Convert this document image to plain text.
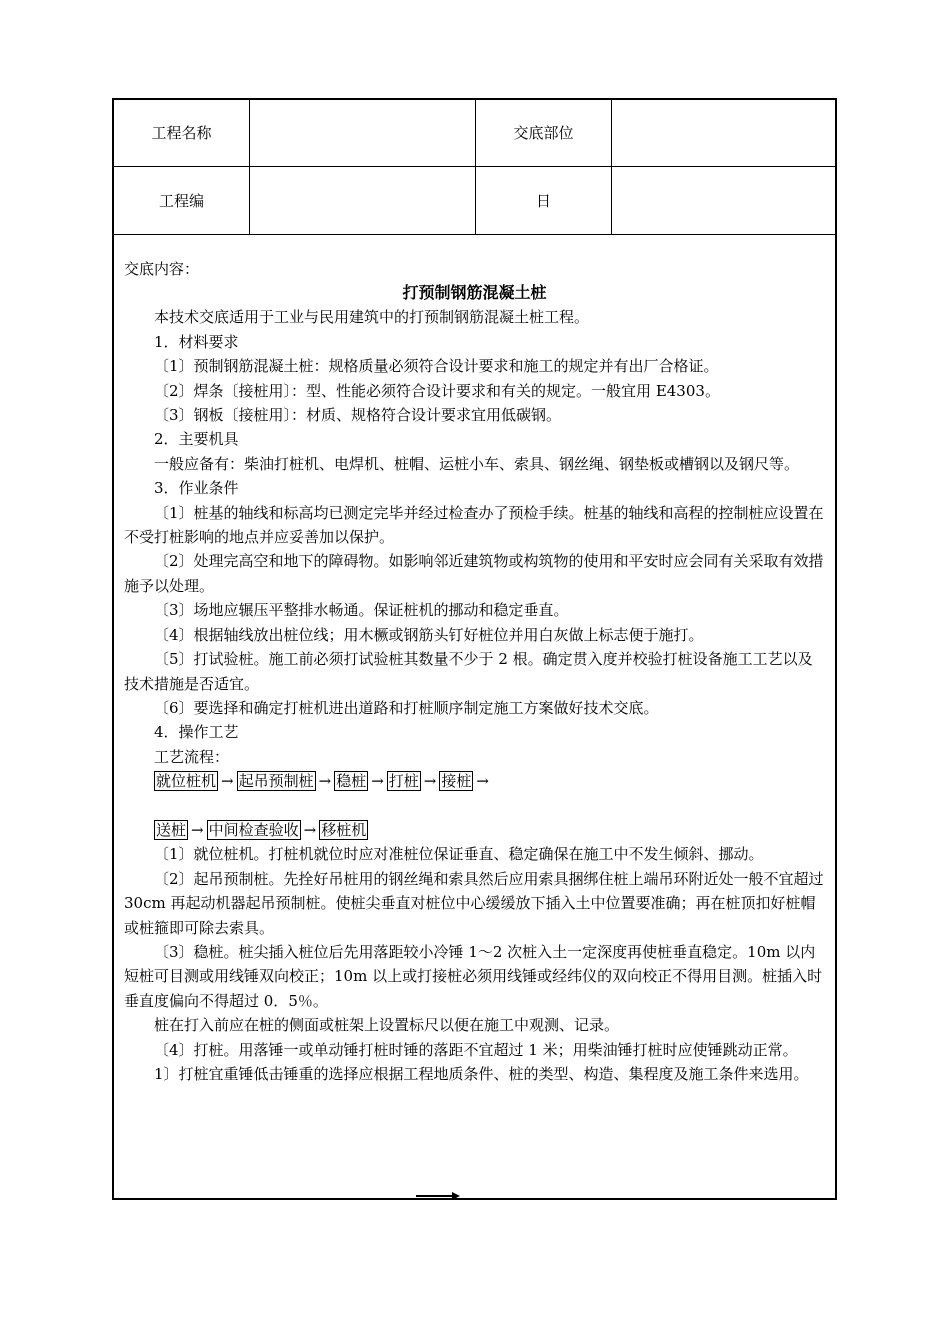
工程名称	交底部位
工程编	日

交底内容：

打预制钢筋混凝土桩

本技术交底适用于工业与民用建筑中的打预制钢筋混凝土桩工程。

1．材料要求

〔1〕预制钢筋混凝土桩：规格质量必须符合设计要求和施工的规定并有出厂合格证。

〔2〕焊条〔接桩用〕：型、性能必须符合设计要求和有关的规定。一般宜用 E4303。

〔3〕钢板〔接桩用〕：材质、规格符合设计要求宜用低碳钢。

2．主要机具

一般应备有：柴油打桩机、电焊机、桩帽、运桩小车、索具、钢丝绳、钢垫板或槽钢以及钢尺等。

3．作业条件

〔1〕桩基的轴线和标高均已测定完毕并经过检查办了预检手续。桩基的轴线和高程的控制桩应设置在不受打桩影响的地点并应妥善加以保护。

〔2〕处理完高空和地下的障碍物。如影响邻近建筑物或构筑物的使用和平安时应会同有关采取有效措施予以处理。

〔3〕场地应辗压平整排水畅通。保证桩机的挪动和稳定垂直。

〔4〕根据轴线放出桩位线；用木橛或钢筋头钉好桩位并用白灰做上标志便于施打。

〔5〕打试验桩。施工前必须打试验桩其数量不少于 2 根。确定贯入度并校验打桩设备施工工艺以及技术措施是否适宜。

〔6〕要选择和确定打桩机进出道路和打桩顺序制定施工方案做好技术交底。

4．操作工艺

工艺流程：

就位桩机 → 起吊预制桩 → 稳桩 → 打桩 → 接桩 →
送桩 → 中间检查验收 → 移桩机

〔1〕就位桩机。打桩机就位时应对准桩位保证垂直、稳定确保在施工中不发生倾斜、挪动。

〔2〕起吊预制桩。先拴好吊桩用的钢丝绳和索具然后应用索具捆绑住桩上端吊环附近处一般不宜超过 30cm 再起动机器起吊预制桩。使桩尖垂直对桩位中心缓缓放下插入土中位置要准确；再在桩顶扣好桩帽或桩箍即可除去索具。

〔3〕稳桩。桩尖插入桩位后先用落距较小冷锤 1～2 次桩入土一定深度再使桩垂直稳定。10m 以内短桩可目测或用线锤双向校正；10m 以上或打接桩必须用线锤或经纬仪的双向校正不得用目测。桩插入时垂直度偏向不得超过 0．5％。

桩在打入前应在桩的侧面或桩架上设置标尺以便在施工中观测、记录。

〔4〕打桩。用落锤一或单动锤打桩时锤的落距不宜超过 1 米；用柴油锤打桩时应使锤跳动正常。

1〕打桩宜重锤低击锤重的选择应根据工程地质条件、桩的类型、构造、集程度及施工条件来选用。
